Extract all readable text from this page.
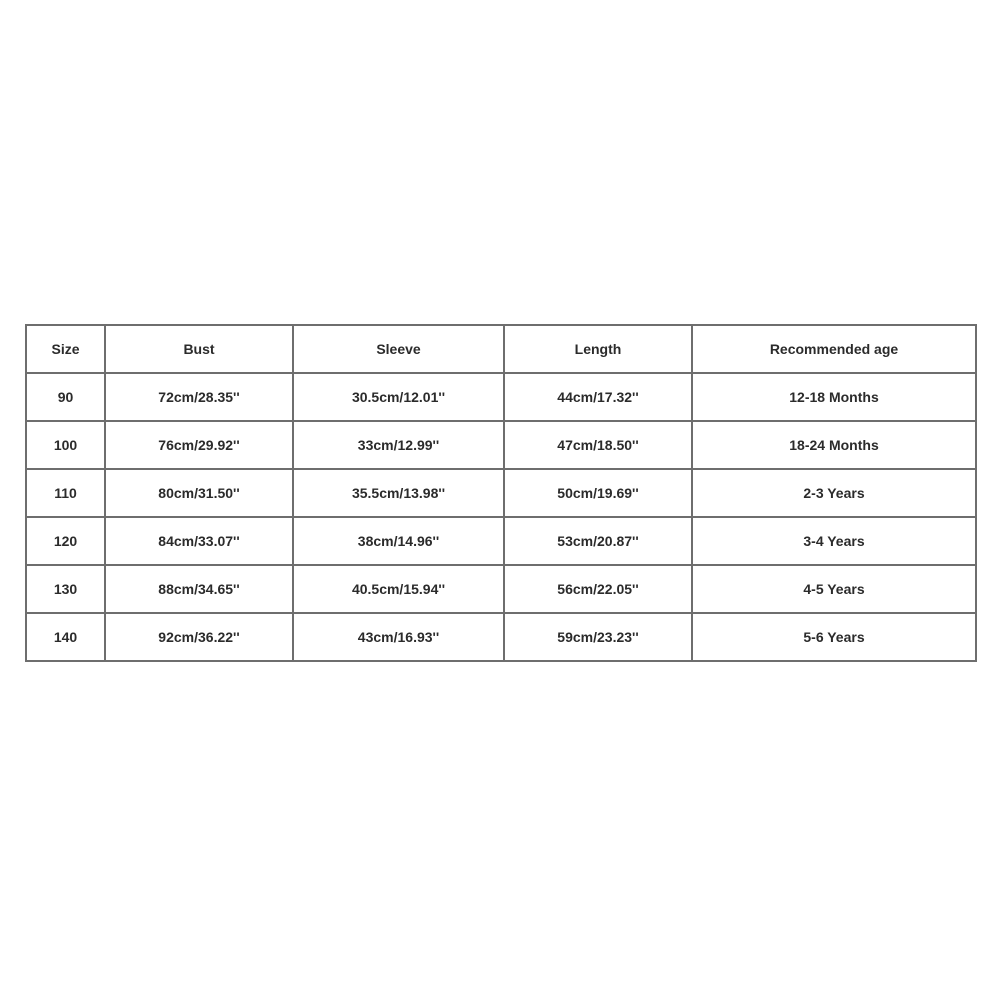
Size	Bust	Sleeve	Length	Recommended age
90	72cm/28.35''	30.5cm/12.01''	44cm/17.32''	12-18 Months
100	76cm/29.92''	33cm/12.99''	47cm/18.50''	18-24 Months
110	80cm/31.50''	35.5cm/13.98''	50cm/19.69''	2-3 Years
120	84cm/33.07''	38cm/14.96''	53cm/20.87''	3-4 Years
130	88cm/34.65''	40.5cm/15.94''	56cm/22.05''	4-5 Years
140	92cm/36.22''	43cm/16.93''	59cm/23.23''	5-6 Years
